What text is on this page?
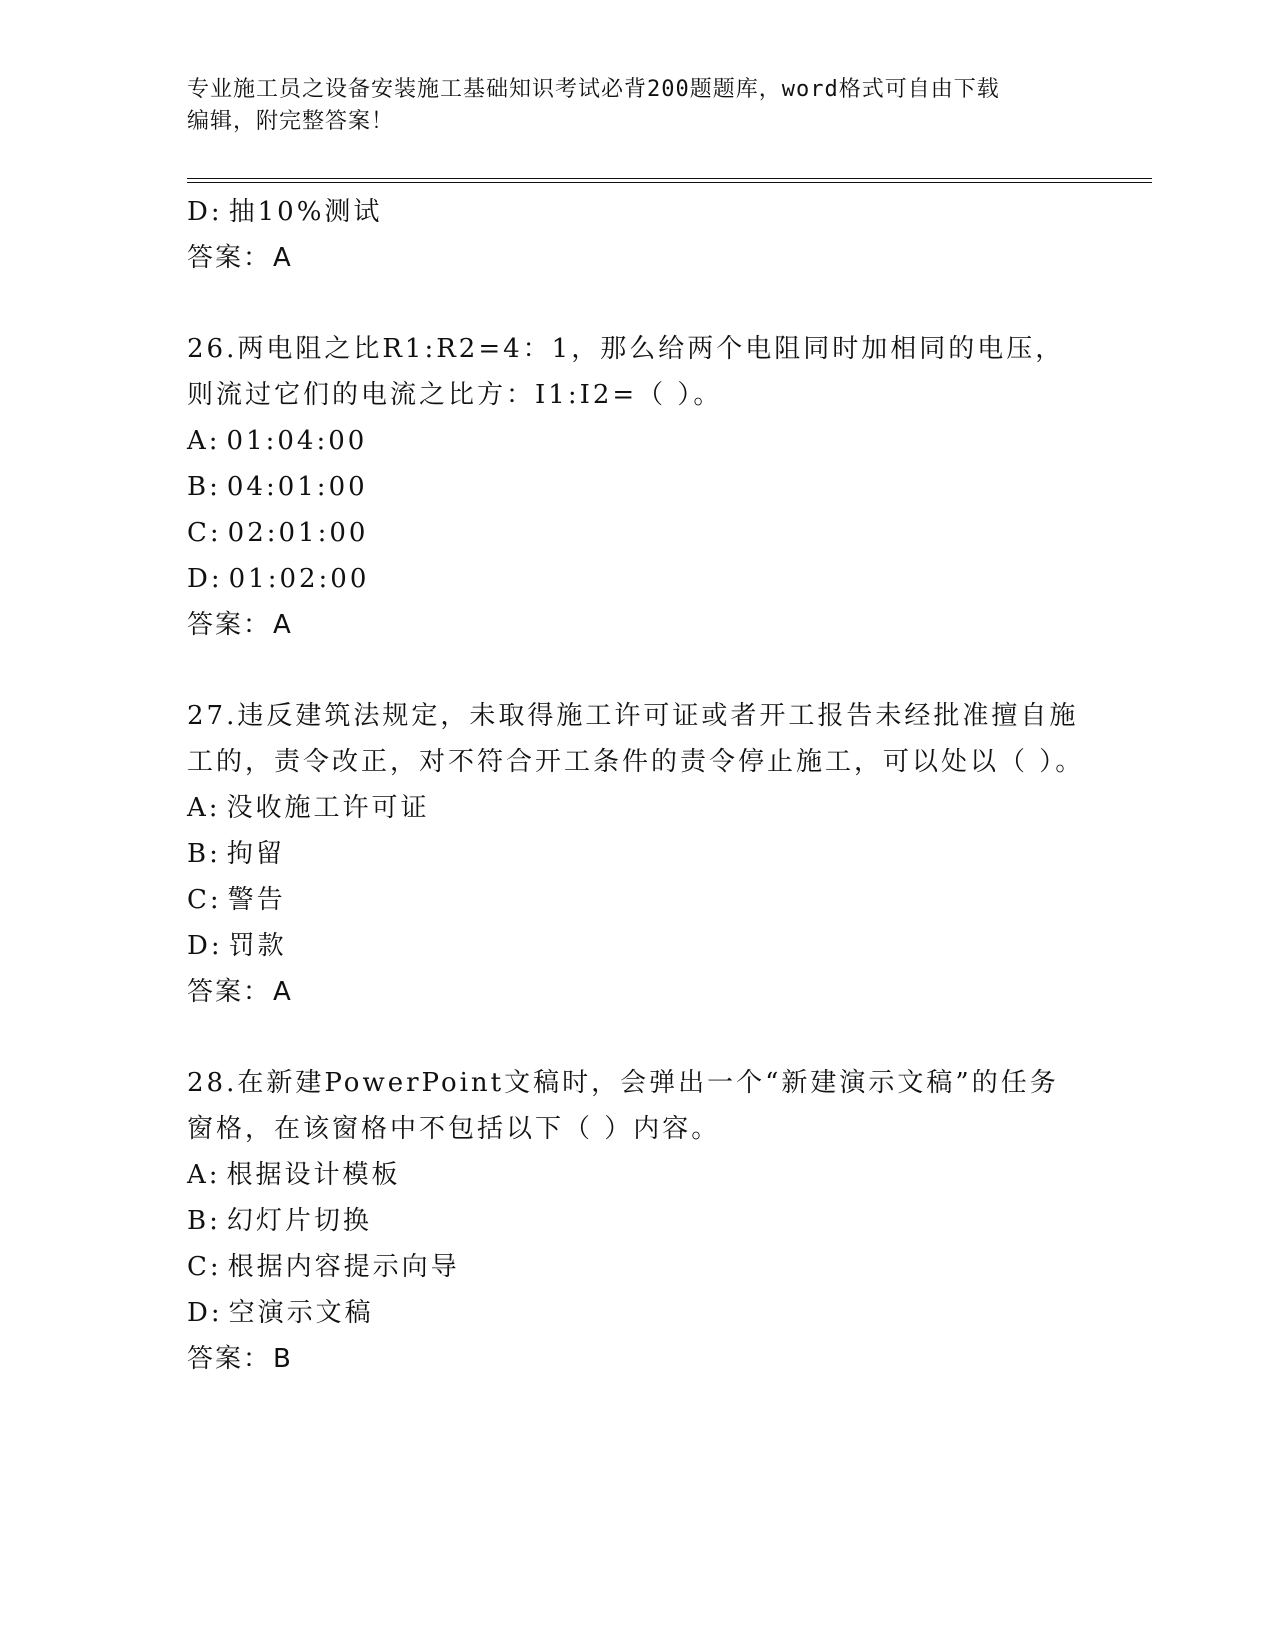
专业施工员之设备安装施工基础知识考试必背200题题库，word格式可自由下载
编辑，附完整答案！
D: 抽10%测试
答案：A
26.两电阻之比R1:R2=4：1，那么给两个电阻同时加相同的电压，则流过它们的电流之比方：I1:I2=（ ）。
A: 01:04:00
B: 04:01:00
C: 02:01:00
D: 01:02:00
答案：A
27.违反建筑法规定，未取得施工许可证或者开工报告未经批准擅自施工的，责令改正，对不符合开工条件的责令停止施工，可以处以（ ）。
A: 没收施工许可证
B: 拘留
C: 警告
D: 罚款
答案：A
28.在新建PowerPoint文稿时，会弹出一个“新建演示文稿”的任务窗格，在该窗格中不包括以下（ ）内容。
A: 根据设计模板
B: 幻灯片切换
C: 根据内容提示向导
D: 空演示文稿
答案：B
